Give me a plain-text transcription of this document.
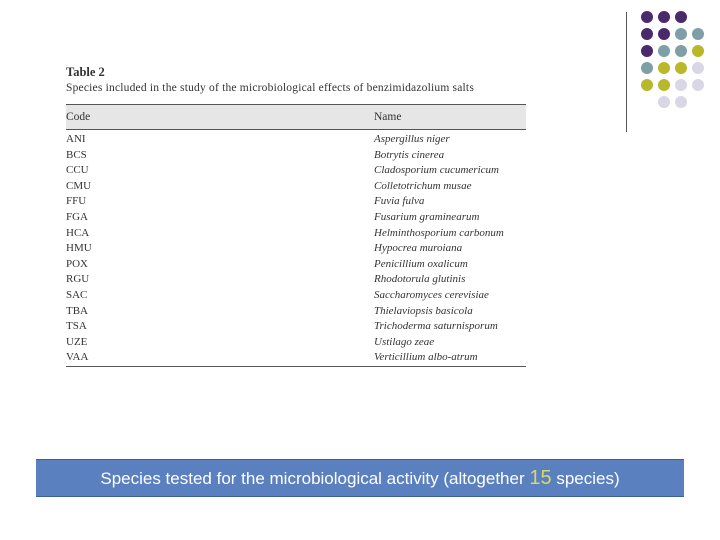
Table 2
Species included in the study of the microbiological effects of benzimidazolium salts
Code	Name
ANI	Aspergillus niger
BCS	Botrytis cinerea
CCU	Cladosporium cucumericum
CMU	Colletotrichum musae
FFU	Fuvia fulva
FGA	Fusarium graminearum
HCA	Helminthosporium carbonum
HMU	Hypocrea muroiana
POX	Penicillium oxalicum
RGU	Rhodotorula glutinis
SAC	Saccharomyces cerevisiae
TBA	Thielaviopsis basicola
TSA	Trichoderma saturnisporum
UZE	Ustilago zeae
VAA	Verticillium albo-atrum
Species tested for the microbiological activity (altogether 15 species)
